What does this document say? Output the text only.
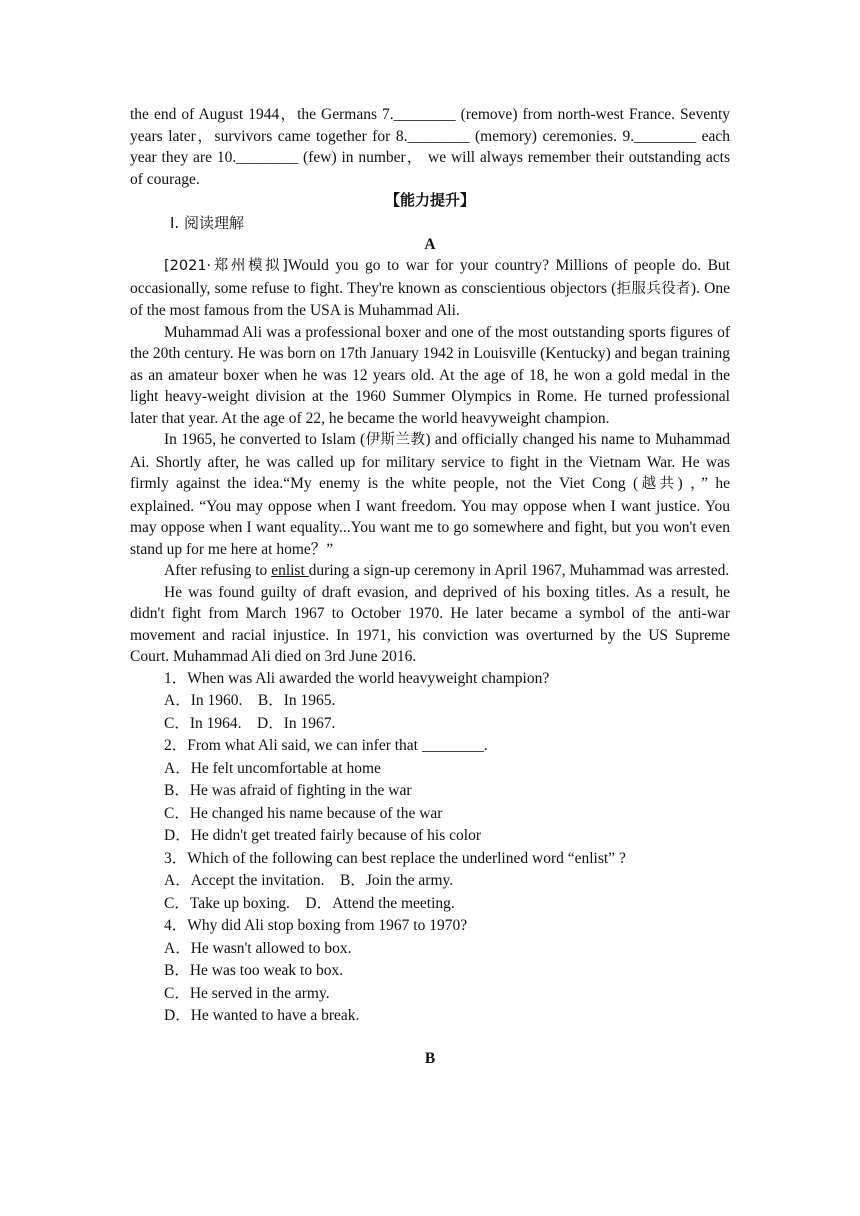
the end of August 1944，the Germans 7.________ (remove) from north-west France. Seventy years later，survivors came together for 8.________ (memory) ceremonies. 9.________ each year they are 10.________ (few) in number， we will always remember their outstanding acts of courage.

【能力提升】

Ⅰ. 阅读理解

A

[2021·郑州模拟]Would you go to war for your country? Millions of people do. But occasionally, some refuse to fight. They're known as conscientious objectors (拒服兵役者). One of the most famous from the USA is Muhammad Ali.

Muhammad Ali was a professional boxer and one of the most outstanding sports figures of the 20th century. He was born on 17th January 1942 in Louisville (Kentucky) and began training as an amateur boxer when he was 12 years old. At the age of 18, he won a gold medal in the light heavy-weight division at the 1960 Summer Olympics in Rome. He turned professional later that year. At the age of 22, he became the world heavyweight champion.

In 1965, he converted to Islam (伊斯兰教) and officially changed his name to Muhammad Ai. Shortly after, he was called up for military service to fight in the Vietnam War. He was firmly against the idea.“My enemy is the white people, not the Viet Cong (越共) ，” he explained. “You may oppose when I want freedom. You may oppose when I want justice. You may oppose when I want equality...You want me to go somewhere and fight, but you won't even stand up for me here at home？”

After refusing to enlist during a sign-up ceremony in April 1967, Muhammad was arrested.

He was found guilty of draft evasion, and deprived of his boxing titles. As a result, he didn't fight from March 1967 to October 1970. He later became a symbol of the anti-war movement and racial injustice. In 1971, his conviction was overturned by the US Supreme Court. Muhammad Ali died on 3rd June 2016.

1．When was Ali awarded the world heavyweight champion?

A．In 1960.　B．In 1965.

C．In 1964.　D．In 1967.

2．From what Ali said, we can infer that ________.

A．He felt uncomfortable at home

B．He was afraid of fighting in the war

C．He changed his name because of the war

D．He didn't get treated fairly because of his color

3．Which of the following can best replace the underlined word “enlist” ?

A．Accept the invitation.　B．Join the army.

C．Take up boxing.　D．Attend the meeting.

4．Why did Ali stop boxing from 1967 to 1970?

A．He wasn't allowed to box.

B．He was too weak to box.

C．He served in the army.

D．He wanted to have a break.

B
